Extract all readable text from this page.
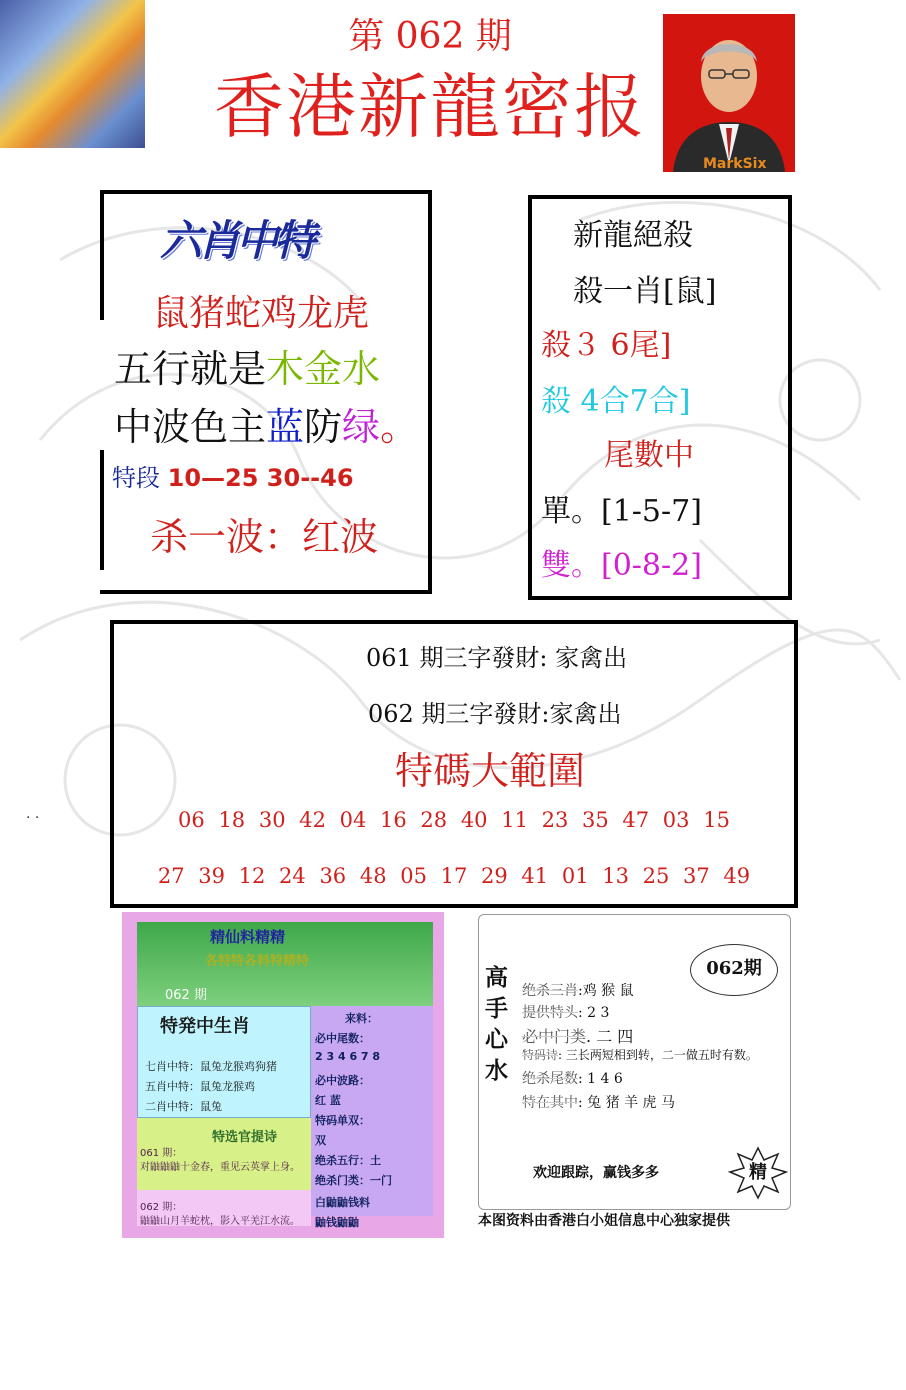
第 062 期
香港新龍密报
MarkSix
六肖中特
鼠猪蛇鸡龙虎
五行就是木金水
中波色主蓝防绿。
特段 10—25 30--46
杀一波：红波
新龍絕殺
殺一肖[鼠]
殺３ 6尾]
殺 4合7合]
尾數中
單。[1-5-7]
雙。[0-8-2]
061 期三字發財: 家禽出
062 期三字發財:家禽出
特碼大範圍
06 18 30 42 04 16 28 40 11 23 35 47 03 15
27 39 12 24 36 48 05 17 29 41 01 13 25 37 49
. .
精仙料精精
各特特各料特精特
062 期
特発中生肖
七肖中特：鼠兔龙猴鸡狗猪
五肖中特：鼠兔龙猴鸡
二肖中特：鼠兔
来料：
必中尾数：
2 3 4 6 7 8
必中波路：
红 蓝
特码单双：
双
绝杀五行：土
绝杀门类：一门
白鼬鼬钱料
鼬钱鼬鼬
特选官提诗
061 期：
对鼬鼬鼬十金春，重见云英掌上身。
062 期：
鼬鼬山月羊蛇枕，影入平羌江水流。
高
手
心
水
绝杀三肖:鸡 猴 鼠
提供特头: 2 3
必中门类. 二 四
特码诗: 三长两短相到转，二一做五时有数。
绝杀尾数: 1 4 6
特在其中: 兔 猪 羊 虎 马
062期
欢迎跟踪，赢钱多多	精
本图资料由香港白小姐信息中心独家提供
